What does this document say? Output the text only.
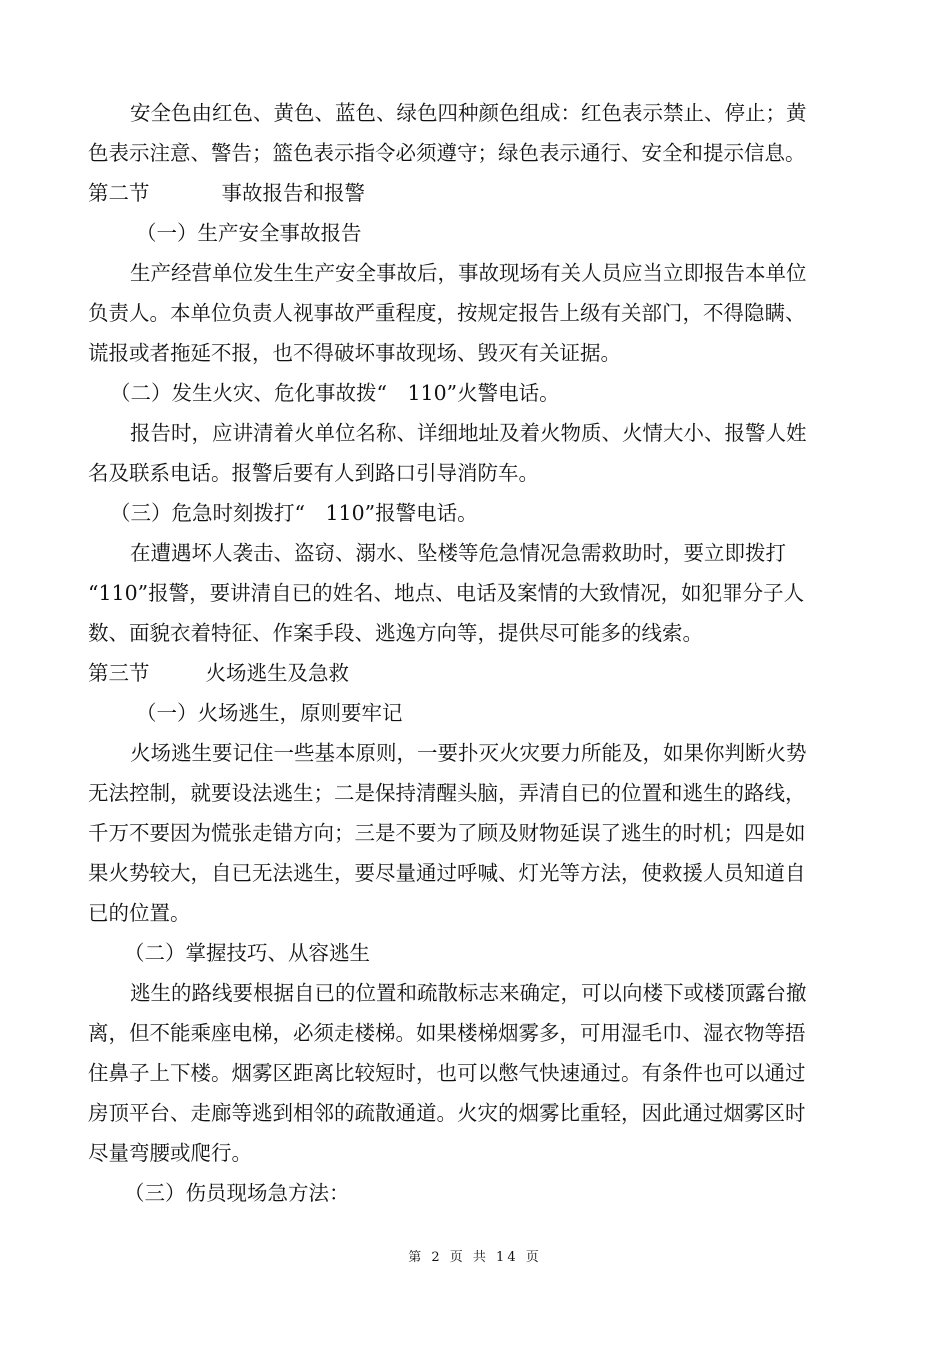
安全色由红色、黄色、蓝色、绿色四种颜色组成：红色表示禁止、停止；黄
色表示注意、警告；篮色表示指令必须遵守；绿色表示通行、安全和提示信息。
第二节	事故报告和报警
（一）生产安全事故报告
生产经营单位发生生产安全事故后，事故现场有关人员应当立即报告本单位
负责人。本单位负责人视事故严重程度，按规定报告上级有关部门，不得隐瞒、
谎报或者拖延不报，也不得破坏事故现场、毁灭有关证据。
（二）发生火灾、危化事故拨“　110”火警电话。
报告时，应讲清着火单位名称、详细地址及着火物质、火情大小、报警人姓
名及联系电话。报警后要有人到路口引导消防车。
（三）危急时刻拨打“　110”报警电话。
在遭遇坏人袭击、盗窃、溺水、坠楼等危急情况急需救助时，要立即拨打
“110”报警，要讲清自已的姓名、地点、电话及案情的大致情况，如犯罪分子人
数、面貌衣着特征、作案手段、逃逸方向等，提供尽可能多的线索。
第三节	火场逃生及急救
（一）火场逃生，原则要牢记
火场逃生要记住一些基本原则，一要扑灭火灾要力所能及，如果你判断火势
无法控制，就要设法逃生；二是保持清醒头脑，弄清自已的位置和逃生的路线，
千万不要因为慌张走错方向；三是不要为了顾及财物延误了逃生的时机；四是如
果火势较大，自已无法逃生，要尽量通过呼喊、灯光等方法，使救援人员知道自
已的位置。
（二）掌握技巧、从容逃生
逃生的路线要根据自已的位置和疏散标志来确定，可以向楼下或楼顶露台撤
离，但不能乘座电梯，必须走楼梯。如果楼梯烟雾多，可用湿毛巾、湿衣物等捂
住鼻子上下楼。烟雾区距离比较短时，也可以憋气快速通过。有条件也可以通过
房顶平台、走廊等逃到相邻的疏散通道。火灾的烟雾比重轻，因此通过烟雾区时
尽量弯腰或爬行。
（三）伤员现场急方法：
第 2 页 共 14 页
